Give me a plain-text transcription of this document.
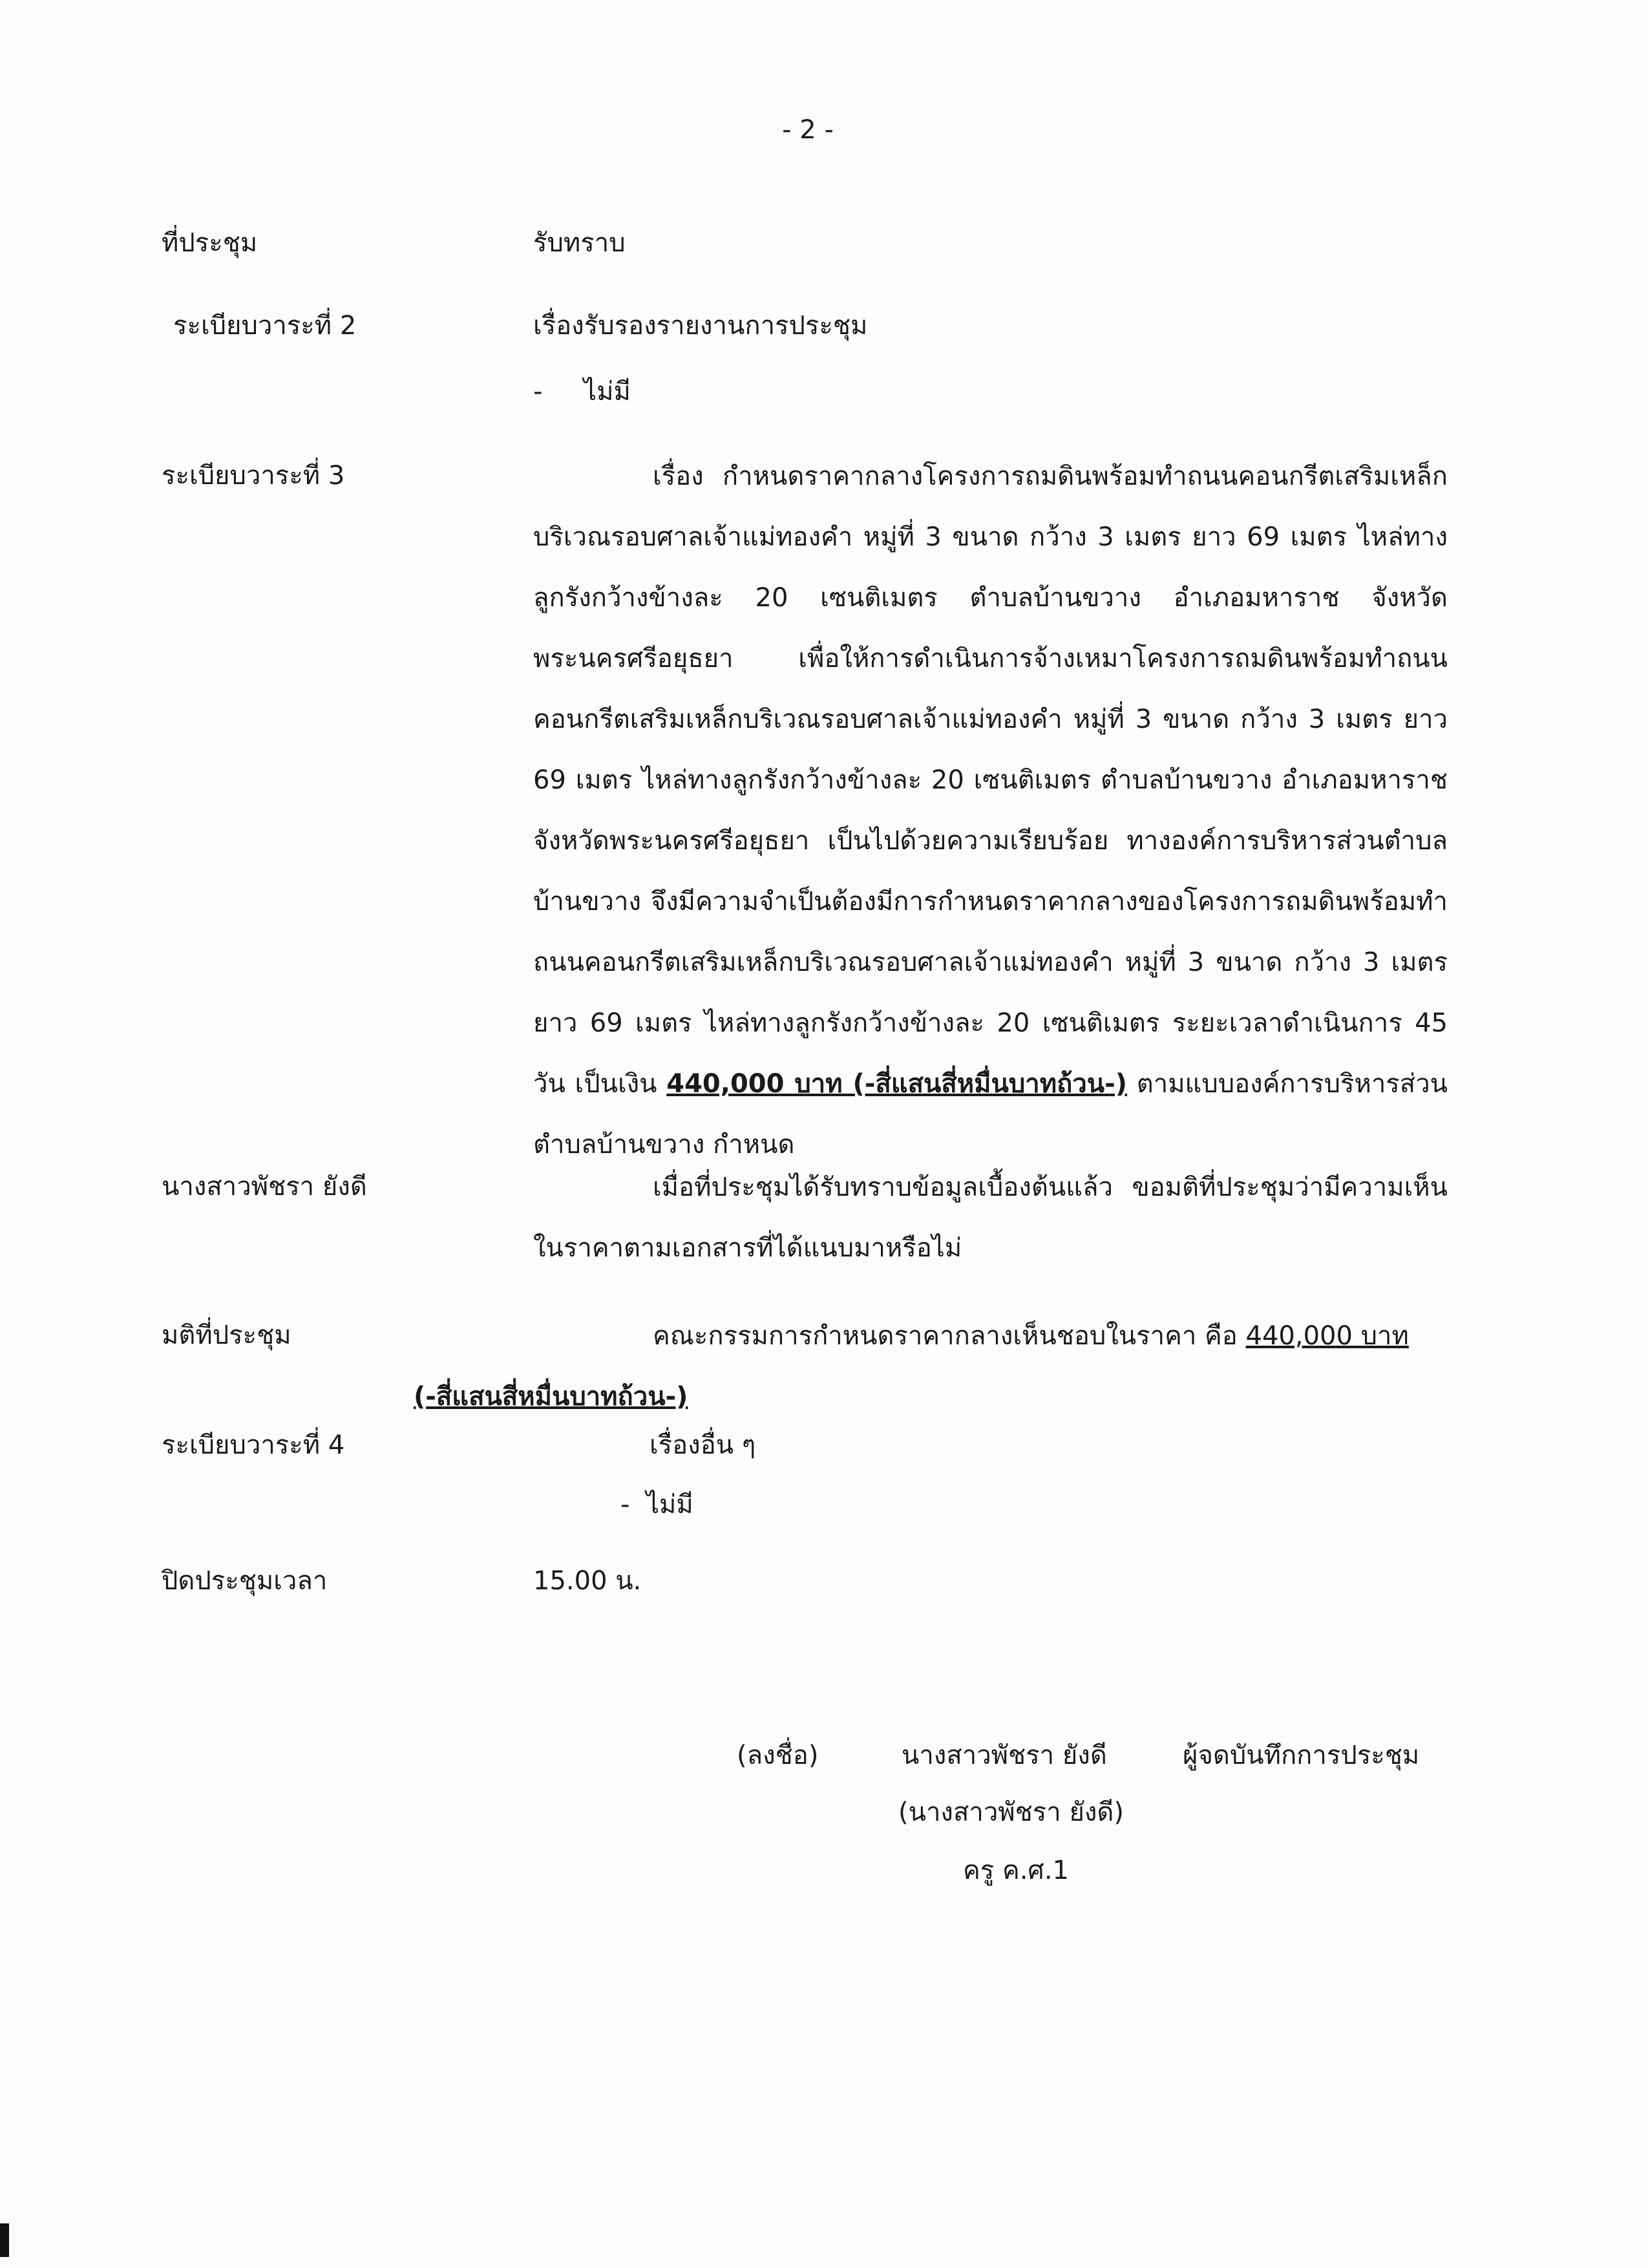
- 2 -
ที่ประชุม	รับทราบ
ระเบียบวาระที่ 2	เรื่องรับรองรายงานการประชุม
-     ไม่มี
ระเบียบวาระที่ 3	เรื่อง กำหนดราคากลางโครงการถมดินพร้อมทำถนนคอนกรีตเสริมเหล็กบริเวณรอบศาลเจ้าแม่ทองคำ หมู่ที่ 3 ขนาด กว้าง 3 เมตร ยาว 69 เมตร ไหล่ทางลูกรังกว้างข้างละ 20 เซนติเมตร ตำบลบ้านขวาง อำเภอมหาราช จังหวัดพระนครศรีอยุธยา เพื่อให้การดำเนินการจ้างเหมาโครงการถมดินพร้อมทำถนนคอนกรีตเสริมเหล็กบริเวณรอบศาลเจ้าแม่ทองคำ หมู่ที่ 3 ขนาด กว้าง 3 เมตร ยาว 69 เมตร ไหล่ทางลูกรังกว้างข้างละ 20 เซนติเมตร ตำบลบ้านขวาง อำเภอมหาราช จังหวัดพระนครศรีอยุธยา เป็นไปด้วยความเรียบร้อย ทางองค์การบริหารส่วนตำบลบ้านขวาง จึงมีความจำเป็นต้องมีการกำหนดราคากลางของโครงการถมดินพร้อมทำถนนคอนกรีตเสริมเหล็กบริเวณรอบศาลเจ้าแม่ทองคำ หมู่ที่ 3 ขนาด กว้าง 3 เมตร ยาว 69 เมตร ไหล่ทางลูกรังกว้างข้างละ 20 เซนติเมตร ระยะเวลาดำเนินการ 45 วัน เป็นเงิน 440,000 บาท (-สี่แสนสี่หมื่นบาทถ้วน-) ตามแบบองค์การบริหารส่วนตำบลบ้านขวาง กำหนด

นางสาวพัชรา ยังดี	เมื่อที่ประชุมได้รับทราบข้อมูลเบื้องต้นแล้ว ขอมติที่ประชุมว่ามีความเห็นในราคาตามเอกสารที่ได้แนบมาหรือไม่

มติที่ประชุม	คณะกรรมการกำหนดราคากลางเห็นชอบในราคา คือ 440,000 บาท
(-สี่แสนสี่หมื่นบาทถ้วน-)

ระเบียบวาระที่ 4	เรื่องอื่น ๆ
-  ไม่มี
ปิดประชุมเวลา	15.00 น.
(ลงชื่อ)	นางสาวพัชรา ยังดี	ผู้จดบันทึกการประชุม
(นางสาวพัชรา ยังดี)
ครู ค.ศ.1
